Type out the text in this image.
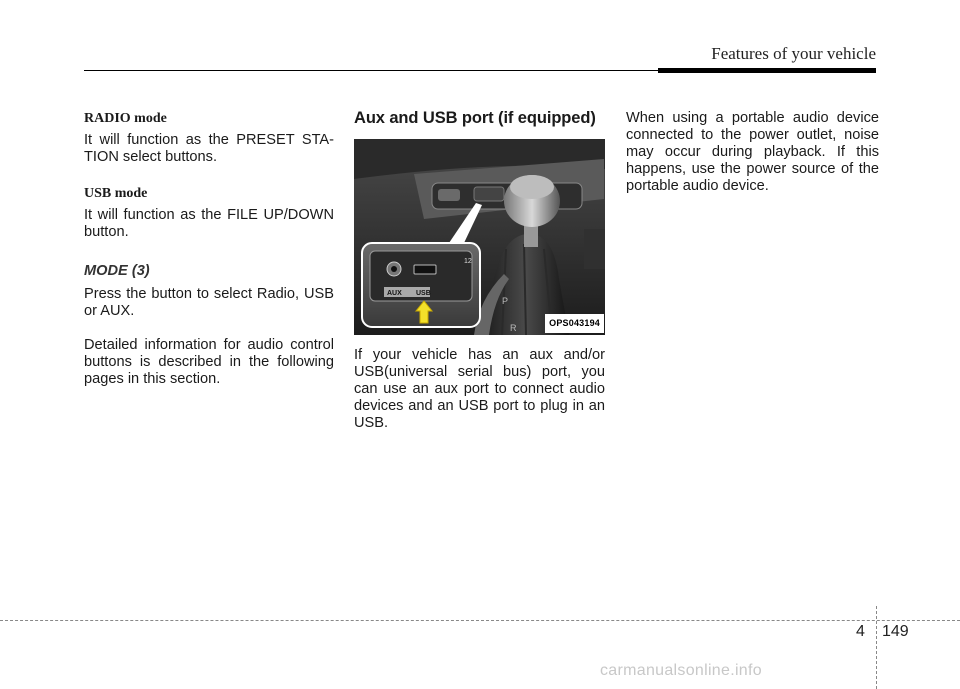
Features of your vehicle
RADIO mode

It will function as the PRESET STA-TION select buttons.

USB mode

It will function as the FILE UP/DOWN button.

MODE (3)

Press the button to select Radio, USB or AUX.

Detailed information for audio control buttons is described in the following pages in this section.

Aux and USB port (if equipped)
P
R
AUX USB
12
OPS043194

If your vehicle has an aux and/or USB(universal serial bus) port, you can use an aux port to connect audio devices and an USB port to plug in an USB.

When using a portable audio device connected to the power outlet, noise may occur during playback. If this happens, use the power source of the portable audio device.

4 149
carmanualsonline.info
